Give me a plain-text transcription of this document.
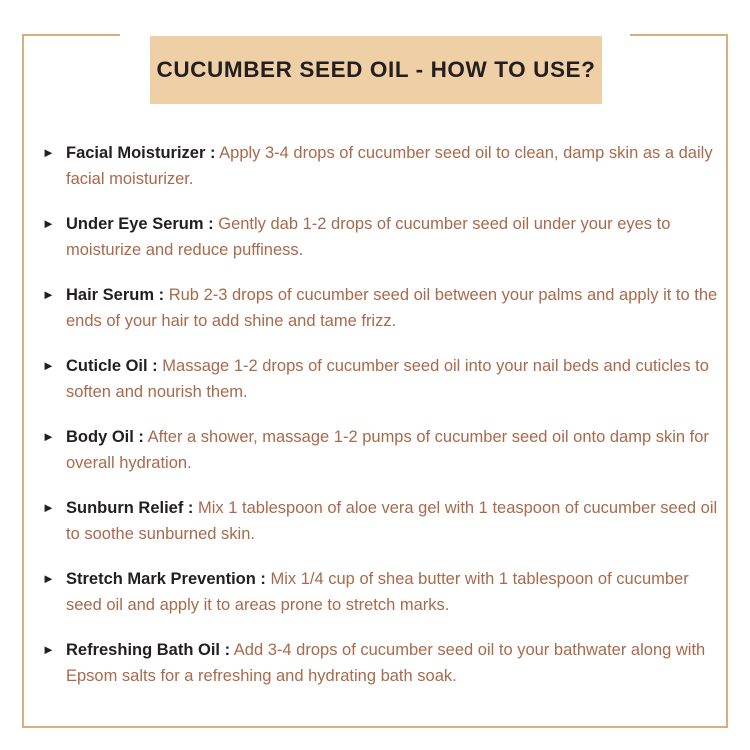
CUCUMBER SEED OIL - HOW TO USE?
► Facial Moisturizer : Apply 3-4 drops of cucumber seed oil to clean, damp skin as a daily facial moisturizer.
► Under Eye Serum : Gently dab 1-2 drops of cucumber seed oil under your eyes to moisturize and reduce puffiness.
► Hair Serum : Rub 2-3 drops of cucumber seed oil between your palms and apply it to the ends of your hair to add shine and tame frizz.
► Cuticle Oil : Massage 1-2 drops of cucumber seed oil into your nail beds and cuticles to soften and nourish them.
► Body Oil : After a shower, massage 1-2 pumps of cucumber seed oil onto damp skin for overall hydration.
► Sunburn Relief : Mix 1 tablespoon of aloe vera gel with 1 teaspoon of cucumber seed oil to soothe sunburned skin.
► Stretch Mark Prevention : Mix 1/4 cup of shea butter with 1 tablespoon of cucumber seed oil and apply it to areas prone to stretch marks.
► Refreshing Bath Oil : Add 3-4 drops of cucumber seed oil to your bathwater along with Epsom salts for a refreshing and hydrating bath soak.
